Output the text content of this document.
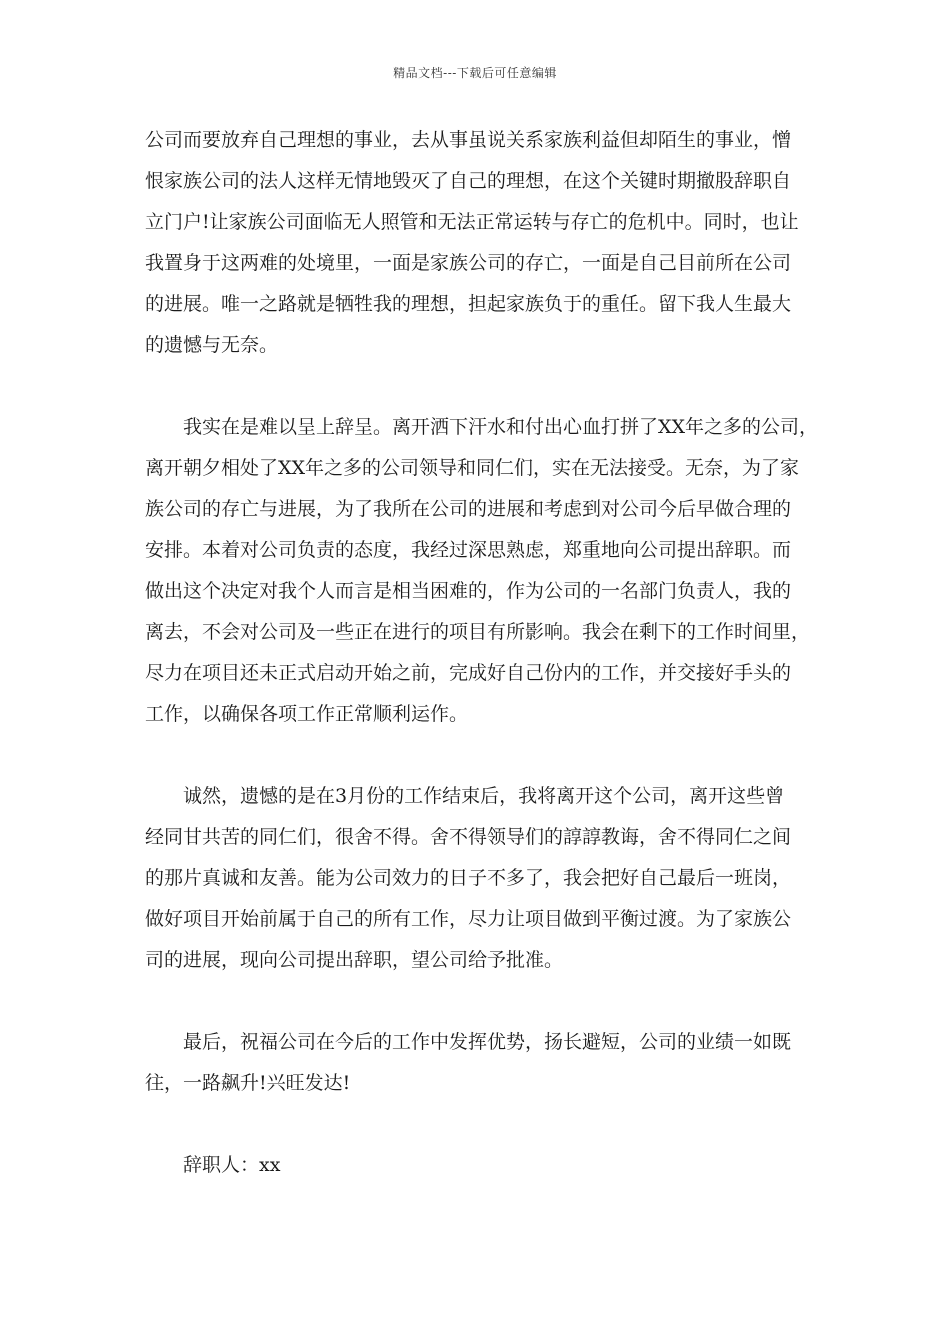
精品文档---下载后可任意编辑

公司而要放弃自己理想的事业，去从事虽说关系家族利益但却陌生的事业，憎
恨家族公司的法人这样无情地毁灭了自己的理想，在这个关键时期撤股辞职自
立门户!让家族公司面临无人照管和无法正常运转与存亡的危机中。同时，也让
我置身于这两难的处境里，一面是家族公司的存亡，一面是自己目前所在公司
的进展。唯一之路就是牺牲我的理想，担起家族负于的重任。留下我人生最大
的遗憾与无奈。

　　我实在是难以呈上辞呈。离开洒下汗水和付出心血打拼了XX年之多的公司，
离开朝夕相处了XX年之多的公司领导和同仁们，实在无法接受。无奈，为了家
族公司的存亡与进展，为了我所在公司的进展和考虑到对公司今后早做合理的
安排。本着对公司负责的态度，我经过深思熟虑，郑重地向公司提出辞职。而
做出这个决定对我个人而言是相当困难的，作为公司的一名部门负责人，我的
离去，不会对公司及一些正在进行的项目有所影响。我会在剩下的工作时间里，
尽力在项目还未正式启动开始之前，完成好自己份内的工作，并交接好手头的
工作，以确保各项工作正常顺利运作。

　　诚然，遗憾的是在3月份的工作结束后，我将离开这个公司，离开这些曾
经同甘共苦的同仁们，很舍不得。舍不得领导们的諄諄教诲，舍不得同仁之间
的那片真诚和友善。能为公司效力的日子不多了，我会把好自己最后一班岗，
做好项目开始前属于自己的所有工作，尽力让项目做到平衡过渡。为了家族公
司的进展，现向公司提出辞职，望公司给予批准。

　　最后，祝福公司在今后的工作中发挥优势，扬长避短，公司的业绩一如既
往，一路飙升!兴旺发达!

　　辞职人：xx
